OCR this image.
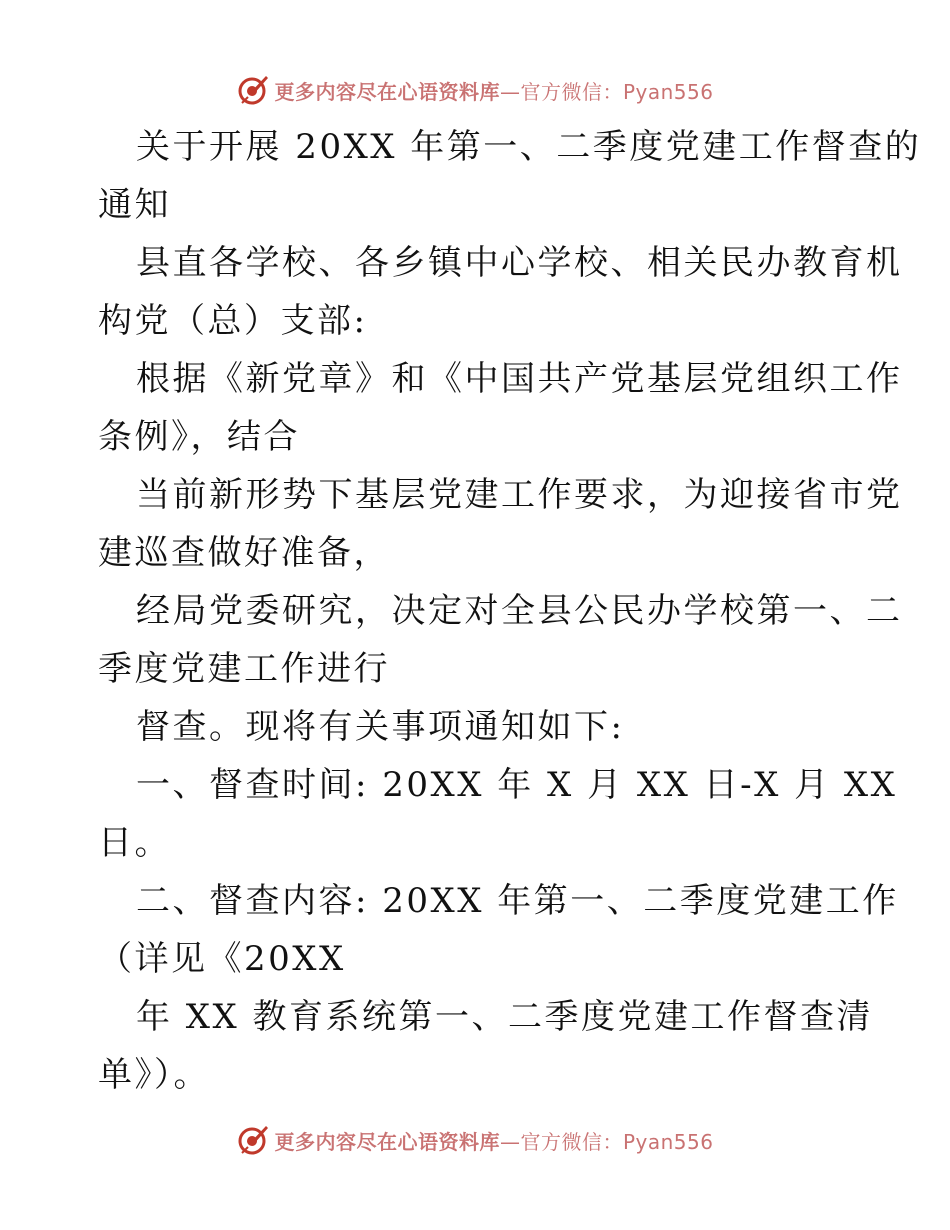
更多内容尽在心语资料库—官方微信：Pyan556

关于开展 20XX 年第一、二季度党建工作督查的

通知

县直各学校、各乡镇中心学校、相关民办教育机

构党（总）支部:

根据《新党章》和《中国共产党基层党组织工作

条例》，结合

当前新形势下基层党建工作要求，为迎接省市党

建巡查做好准备，

经局党委研究，决定对全县公民办学校第一、二

季度党建工作进行

督查。现将有关事项通知如下:

一、督查时间: 20XX 年 X 月 XX 日-X 月 XX

日。

二、督查内容: 20XX 年第一、二季度党建工作

（详见《20XX

年 XX 教育系统第一、二季度党建工作督查清

单》）。

更多内容尽在心语资料库—官方微信：Pyan556
